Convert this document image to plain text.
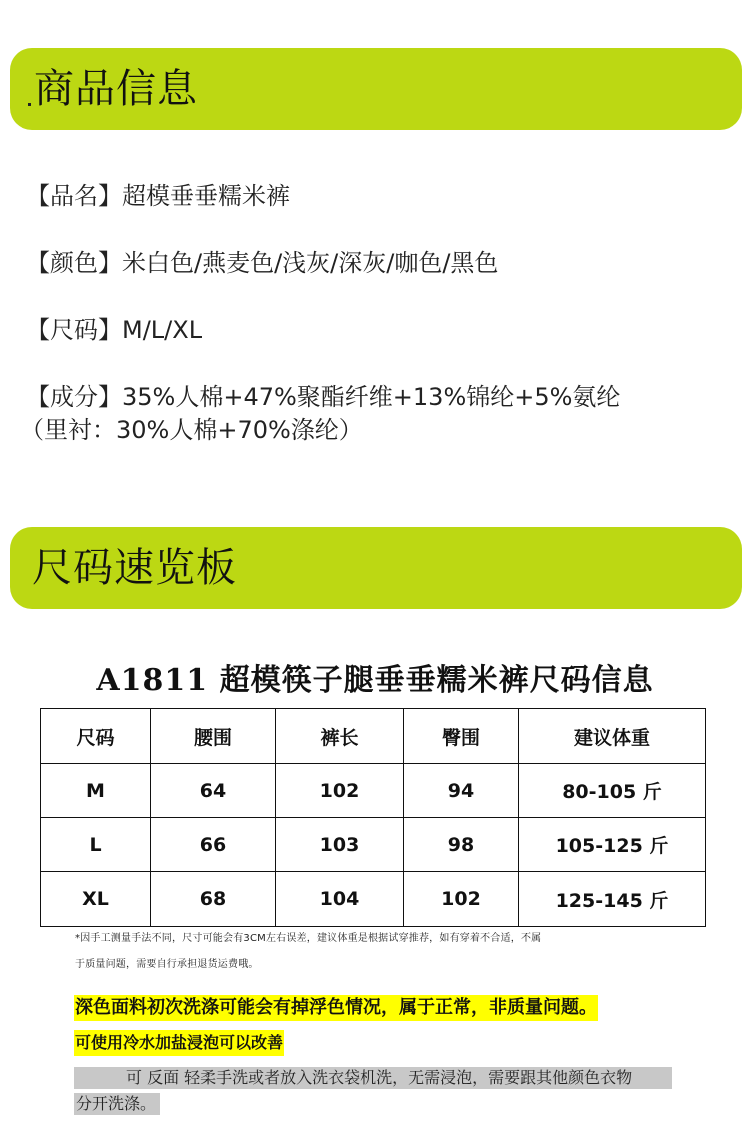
商品信息
【品名】超模垂垂糯米裤
【颜色】米白色/燕麦色/浅灰/深灰/咖色/黑色
【尺码】M/L/XL
【成分】35%人棉+47%聚酯纤维+13%锦纶+5%氨纶
（里衬：30%人棉+70%涤纶）
尺码速览板
A1811 超模筷子腿垂垂糯米裤尺码信息
尺码	腰围	裤长	臀围	建议体重
M	64	102	94	80-105 斤
L	66	103	98	105-125 斤
XL	68	104	102	125-145 斤
*因手工测量手法不同，尺寸可能会有3CM左右误差，建议体重是根据试穿推荐，如有穿着不合适，不属
于质量问题，需要自行承担退货运费哦。
深色面料初次洗涤可能会有掉浮色情况，属于正常，非质量问题。
可使用冷水加盐浸泡可以改善
可 反面 轻柔手洗或者放入洗衣袋机洗，无需浸泡，需要跟其他颜色衣物
分开洗涤。
